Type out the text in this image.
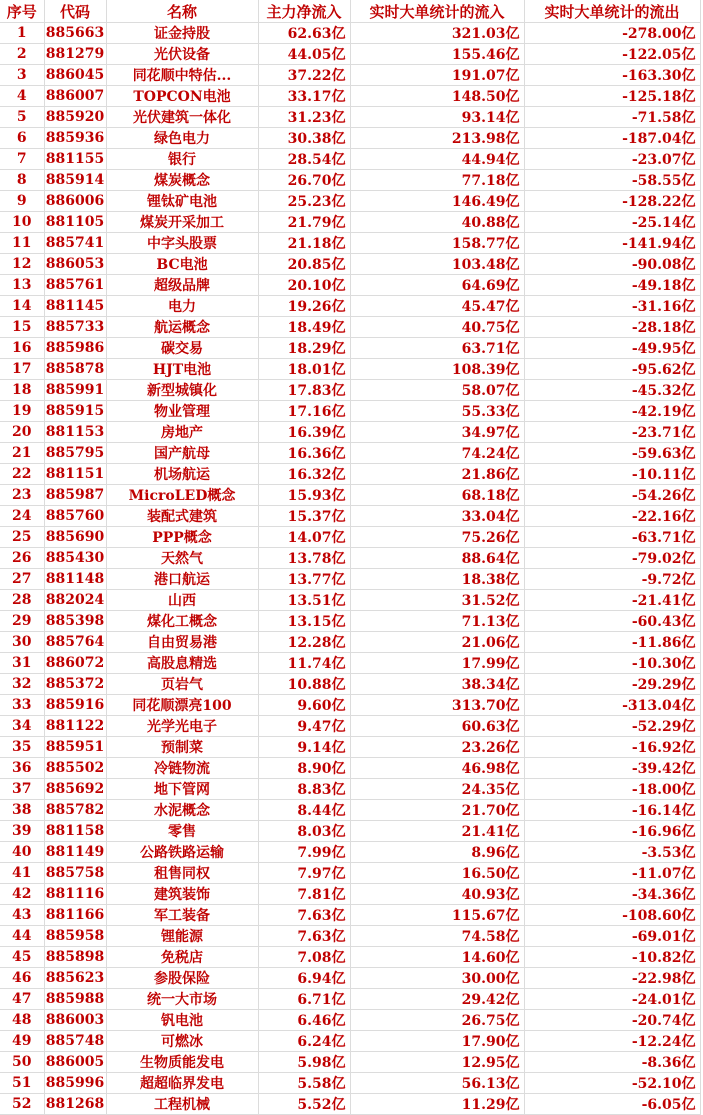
序号	代码	名称	主力净流入	实时大单统计的流入	实时大单统计的流出
1	885663	证金持股	62.63亿	321.03亿	-278.00亿
2	881279	光伏设备	44.05亿	155.46亿	-122.05亿
3	886045	同花顺中特估...	37.22亿	191.07亿	-163.30亿
4	886007	TOPCON电池	33.17亿	148.50亿	-125.18亿
5	885920	光伏建筑一体化	31.23亿	93.14亿	-71.58亿
6	885936	绿色电力	30.38亿	213.98亿	-187.04亿
7	881155	银行	28.54亿	44.94亿	-23.07亿
8	885914	煤炭概念	26.70亿	77.18亿	-58.55亿
9	886006	锂钛矿电池	25.23亿	146.49亿	-128.22亿
10	881105	煤炭开采加工	21.79亿	40.88亿	-25.14亿
11	885741	中字头股票	21.18亿	158.77亿	-141.94亿
12	886053	BC电池	20.85亿	103.48亿	-90.08亿
13	885761	超级品牌	20.10亿	64.69亿	-49.18亿
14	881145	电力	19.26亿	45.47亿	-31.16亿
15	885733	航运概念	18.49亿	40.75亿	-28.18亿
16	885986	碳交易	18.29亿	63.71亿	-49.95亿
17	885878	HJT电池	18.01亿	108.39亿	-95.62亿
18	885991	新型城镇化	17.83亿	58.07亿	-45.32亿
19	885915	物业管理	17.16亿	55.33亿	-42.19亿
20	881153	房地产	16.39亿	34.97亿	-23.71亿
21	885795	国产航母	16.36亿	74.24亿	-59.63亿
22	881151	机场航运	16.32亿	21.86亿	-10.11亿
23	885987	MicroLED概念	15.93亿	68.18亿	-54.26亿
24	885760	装配式建筑	15.37亿	33.04亿	-22.16亿
25	885690	PPP概念	14.07亿	75.26亿	-63.71亿
26	885430	天然气	13.78亿	88.64亿	-79.02亿
27	881148	港口航运	13.77亿	18.38亿	-9.72亿
28	882024	山西	13.51亿	31.52亿	-21.41亿
29	885398	煤化工概念	13.15亿	71.13亿	-60.43亿
30	885764	自由贸易港	12.28亿	21.06亿	-11.86亿
31	886072	高股息精选	11.74亿	17.99亿	-10.30亿
32	885372	页岩气	10.88亿	38.34亿	-29.29亿
33	885916	同花顺漂亮100	9.60亿	313.70亿	-313.04亿
34	881122	光学光电子	9.47亿	60.63亿	-52.29亿
35	885951	预制菜	9.14亿	23.26亿	-16.92亿
36	885502	冷链物流	8.90亿	46.98亿	-39.42亿
37	885692	地下管网	8.83亿	24.35亿	-18.00亿
38	885782	水泥概念	8.44亿	21.70亿	-16.14亿
39	881158	零售	8.03亿	21.41亿	-16.96亿
40	881149	公路铁路运输	7.99亿	8.96亿	-3.53亿
41	885758	租售同权	7.97亿	16.50亿	-11.07亿
42	881116	建筑装饰	7.81亿	40.93亿	-34.36亿
43	881166	军工装备	7.63亿	115.67亿	-108.60亿
44	885958	锂能源	7.63亿	74.58亿	-69.01亿
45	885898	免税店	7.08亿	14.60亿	-10.82亿
46	885623	参股保险	6.94亿	30.00亿	-22.98亿
47	885988	统一大市场	6.71亿	29.42亿	-24.01亿
48	886003	钒电池	6.46亿	26.75亿	-20.74亿
49	885748	可燃冰	6.24亿	17.90亿	-12.24亿
50	886005	生物质能发电	5.98亿	12.95亿	-8.36亿
51	885996	超超临界发电	5.58亿	56.13亿	-52.10亿
52	881268	工程机械	5.52亿	11.29亿	-6.05亿
